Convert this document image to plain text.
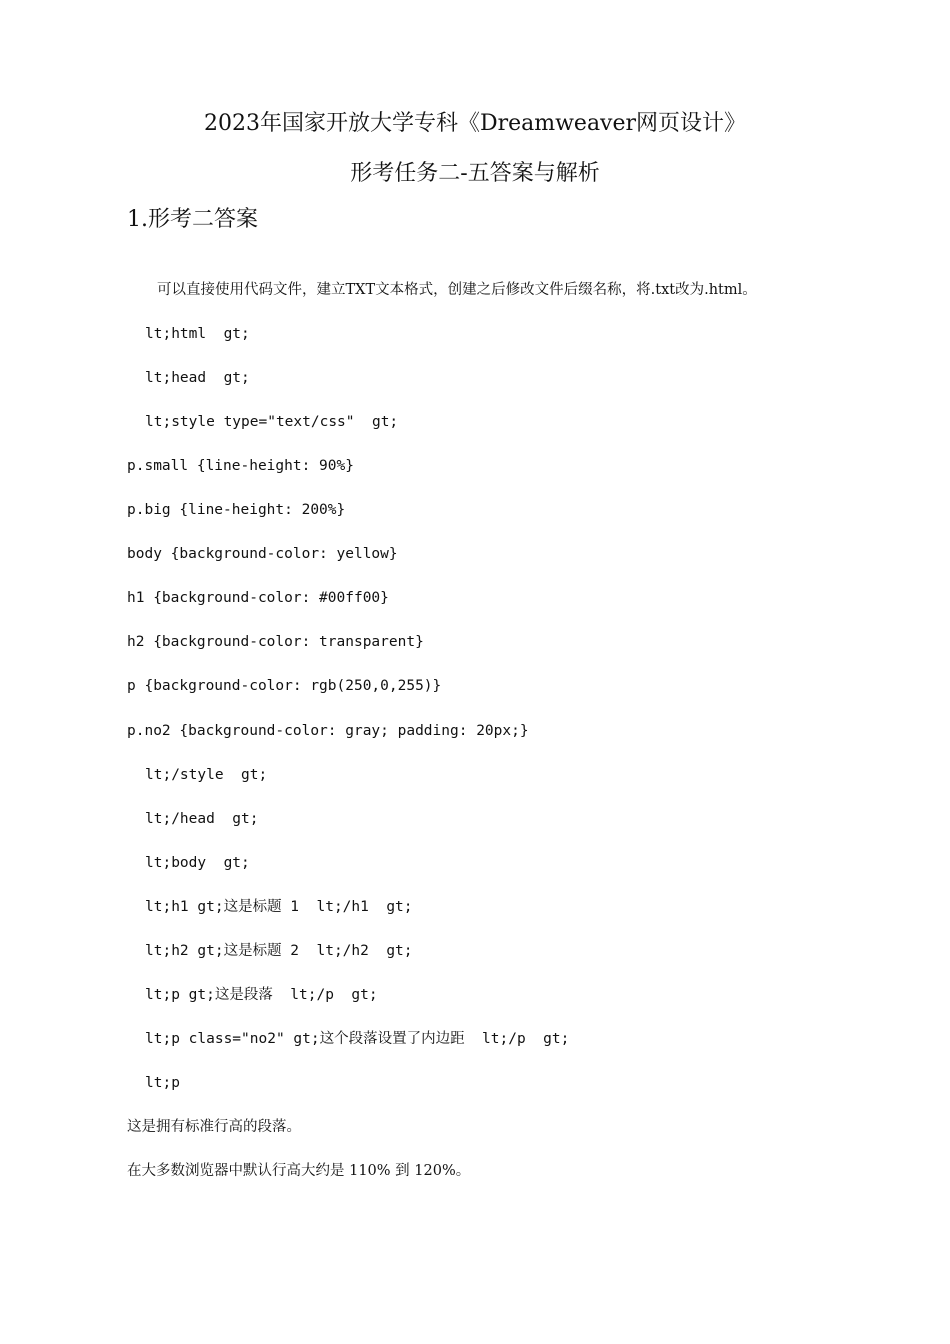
2023年国家开放大学专科《Dreamweaver网页设计》
形考任务二-五答案与解析
1.形考二答案
可以直接使用代码文件，建立TXT文本格式，创建之后修改文件后缀名称，将.txt改为.html。
lt;html  gt;
lt;head  gt;
lt;style type="text/css"  gt;
p.small {line-height: 90%}
p.big {line-height: 200%}
body {background-color: yellow}
h1 {background-color: #00ff00}
h2 {background-color: transparent}
p {background-color: rgb(250,0,255)}
p.no2 {background-color: gray; padding: 20px;}
lt;/style  gt;
lt;/head  gt;
lt;body  gt;
lt;h1 gt;这是标题 1  lt;/h1  gt;
lt;h2 gt;这是标题 2  lt;/h2  gt;
lt;p gt;这是段落  lt;/p  gt;
lt;p class="no2" gt;这个段落设置了内边距  lt;/p  gt;
lt;p
这是拥有标准行高的段落。
在大多数浏览器中默认行高大约是 110% 到 120%。
